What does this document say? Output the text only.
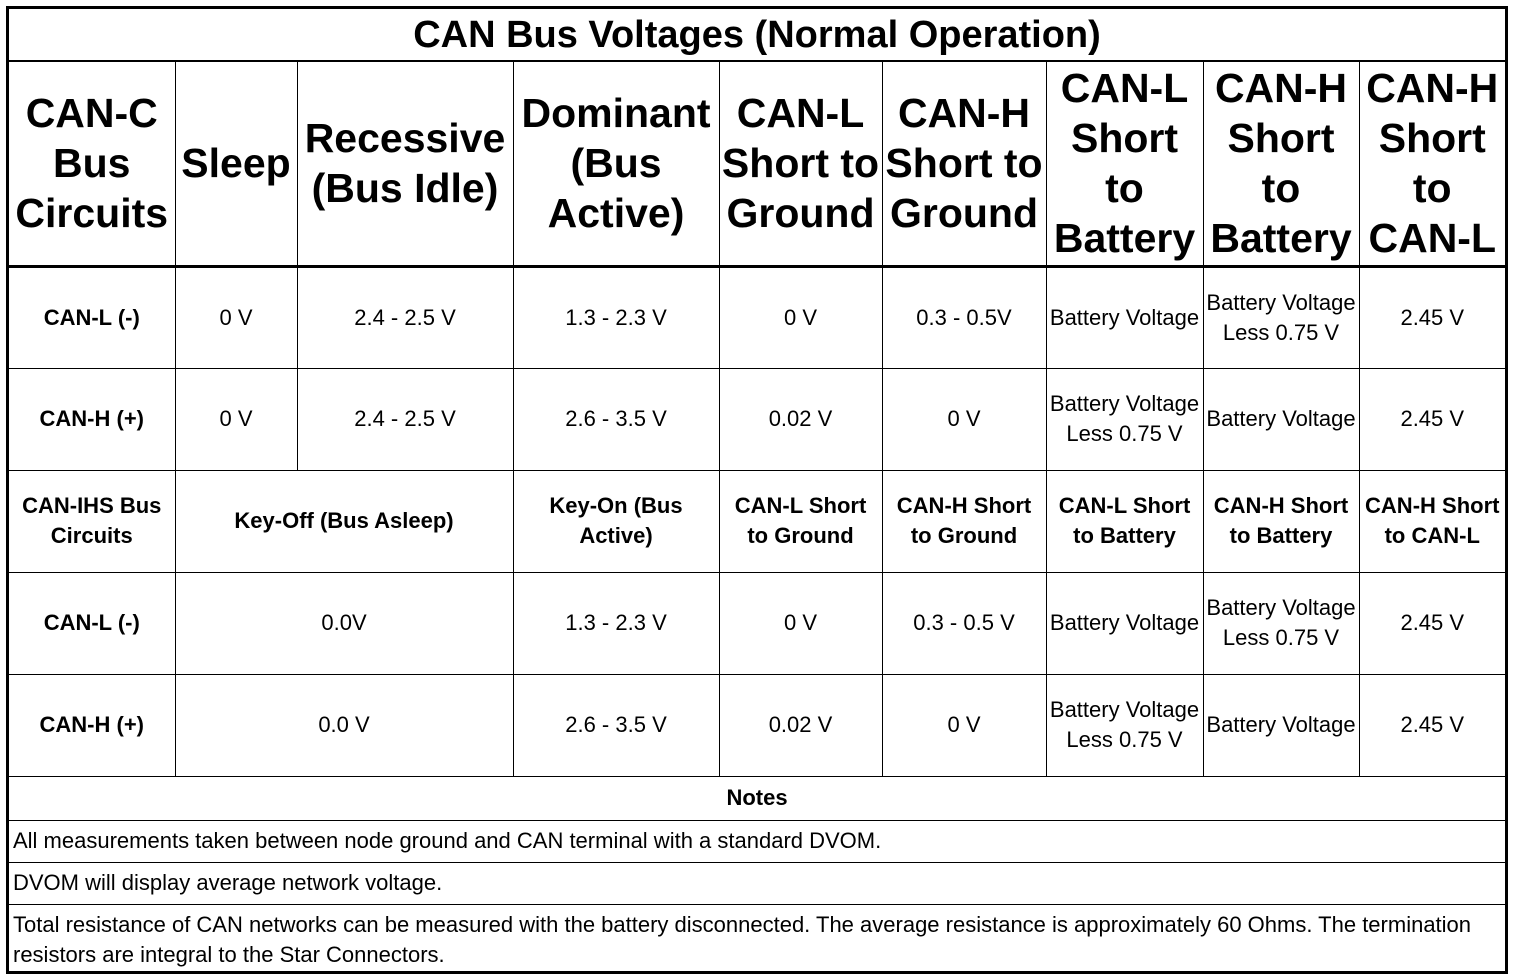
CAN Bus Voltages (Normal Operation)								
CAN-C Bus Circuits	Sleep	Recessive (Bus Idle)	Dominant (Bus Active)	CAN-L Short to Ground	CAN-H Short to Ground	CAN-L Short to Battery	CAN-H Short to Battery	CAN-H Short to CAN-L
CAN-L (-)	0 V	2.4 - 2.5 V	1.3 - 2.3 V	0 V	0.3 - 0.5V	Battery Voltage	Battery Voltage Less 0.75 V	2.45 V
CAN-H (+)	0 V	2.4 - 2.5 V	2.6 - 3.5 V	0.02 V	0 V	Battery Voltage Less 0.75 V	Battery Voltage	2.45 V
CAN-IHS Bus Circuits	Key-Off (Bus Asleep)		Key-On (Bus Active)	CAN-L Short to Ground	CAN-H Short to Ground	CAN-L Short to Battery	CAN-H Short to Battery	CAN-H Short to CAN-L
CAN-L (-)	0.0V		1.3 - 2.3 V	0 V	0.3 - 0.5 V	Battery Voltage	Battery Voltage Less 0.75 V	2.45 V
CAN-H (+)	0.0 V		2.6 - 3.5 V	0.02 V	0 V	Battery Voltage Less 0.75 V	Battery Voltage	2.45 V
Notes								
All measurements taken between node ground and CAN terminal with a standard DVOM.								
DVOM will display average network voltage.								
Total resistance of CAN networks can be measured with the battery disconnected. The average resistance is approximately 60 Ohms. The termination resistors are integral to the Star Connectors.								
